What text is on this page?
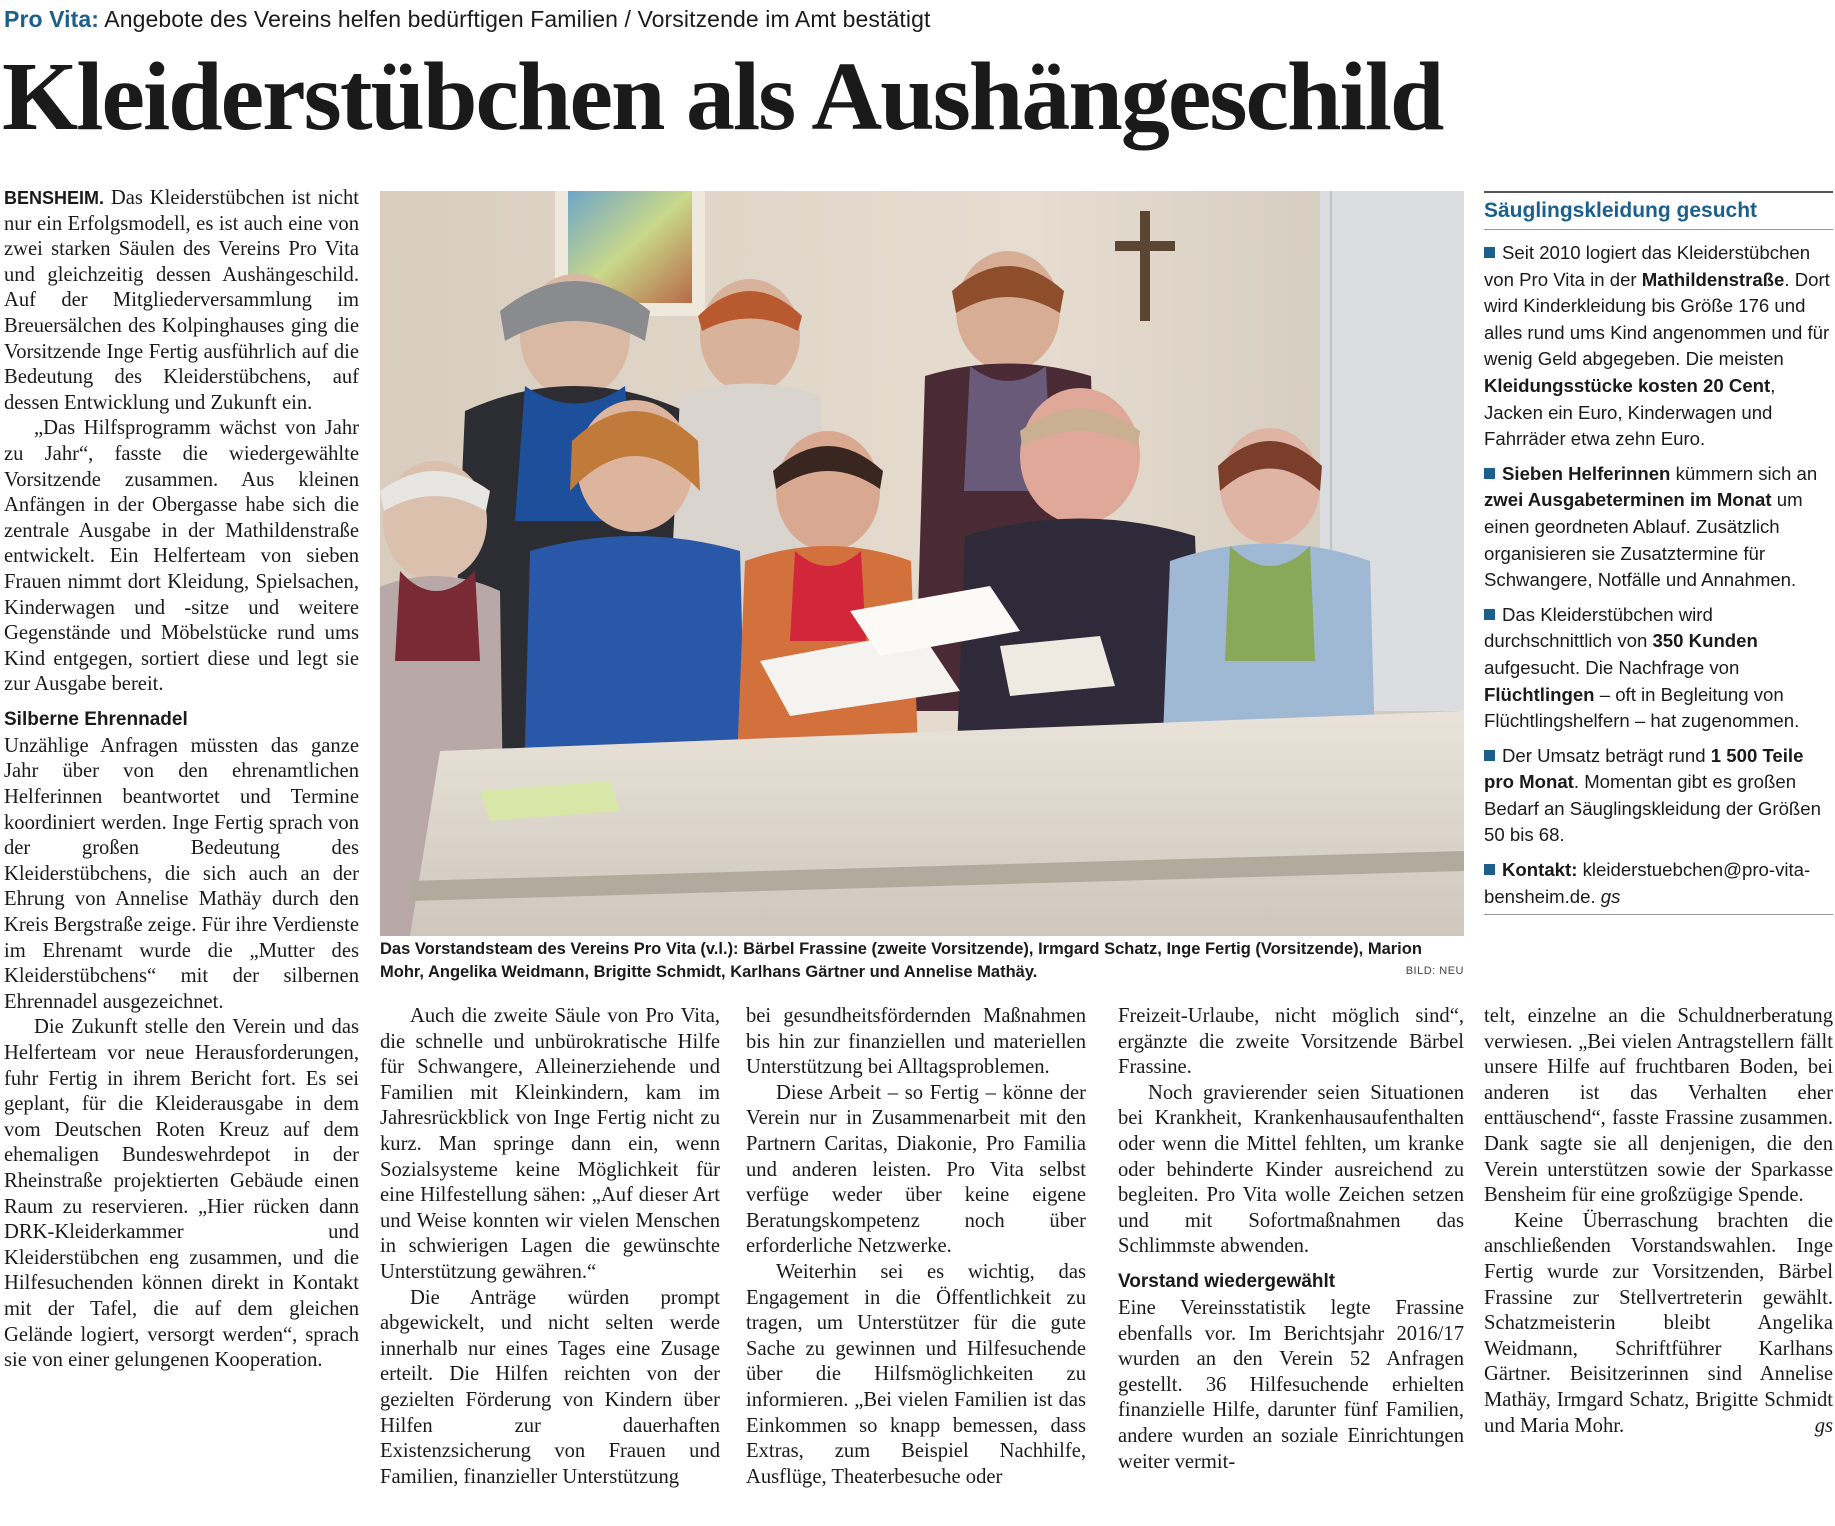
Pro Vita: Angebote des Vereins helfen bedürftigen Familien / Vorsitzende im Amt bestätigt
Kleiderstübchen als Aushängeschild

BENSHEIM. Das Kleiderstübchen ist nicht nur ein Erfolgsmodell, es ist auch eine von zwei starken Säulen des Vereins Pro Vita und gleichzeitig dessen Aushängeschild. Auf der Mitgliederversammlung im Breuersälchen des Kolpinghauses ging die Vorsitzende Inge Fertig ausführlich auf die Bedeutung des Kleiderstübchens, auf dessen Entwicklung und Zukunft ein.

„Das Hilfsprogramm wächst von Jahr zu Jahr“, fasste die wiedergewählte Vorsitzende zusammen. Aus kleinen Anfängen in der Obergasse habe sich die zentrale Ausgabe in der Mathildenstraße entwickelt. Ein Helferteam von sieben Frauen nimmt dort Kleidung, Spielsachen, Kinderwagen und -sitze und weitere Gegenstände und Möbelstücke rund ums Kind entgegen, sortiert diese und legt sie zur Ausgabe bereit.

Silberne Ehrennadel

Unzählige Anfragen müssten das ganze Jahr über von den ehrenamtlichen Helferinnen beantwortet und Termine koordiniert werden. Inge Fertig sprach von der großen Bedeutung des Kleiderstübchens, die sich auch an der Ehrung von Annelise Mathäy durch den Kreis Bergstraße zeige. Für ihre Verdienste im Ehrenamt wurde die „Mutter des Kleiderstübchens“ mit der silbernen Ehrennadel ausgezeichnet.

Die Zukunft stelle den Verein und das Helferteam vor neue Herausforderungen, fuhr Fertig in ihrem Bericht fort. Es sei geplant, für die Kleiderausgabe in dem vom Deutschen Roten Kreuz auf dem ehemaligen Bundeswehrdepot in der Rheinstraße projektierten Gebäude einen Raum zu reservieren. „Hier rücken dann DRK-Kleiderkammer und Kleiderstübchen eng zusammen, und die Hilfesuchenden können direkt in Kontakt mit der Tafel, die auf dem gleichen Gelände logiert, versorgt werden“, sprach sie von einer gelungenen Kooperation.

Das Vorstandsteam des Vereins Pro Vita (v.l.): Bärbel Frassine (zweite Vorsitzende), Irmgard Schatz, Inge Fertig (Vorsitzende), Marion Mohr, Angelika Weidmann, Brigitte Schmidt, Karlhans Gärtner und Annelise Mathäy.	BILD: NEU
Säuglingskleidung gesucht
Seit 2010 logiert das Kleiderstübchen von Pro Vita in der Mathildenstraße. Dort wird Kinderkleidung bis Größe 176 und alles rund ums Kind angenommen und für wenig Geld abgegeben. Die meisten Kleidungsstücke kosten 20 Cent, Jacken ein Euro, Kinderwagen und Fahrräder etwa zehn Euro.
Sieben Helferinnen kümmern sich an zwei Ausgabeterminen im Monat um einen geordneten Ablauf. Zusätzlich organisieren sie Zusatztermine für Schwangere, Notfälle und Annahmen.
Das Kleiderstübchen wird durchschnittlich von 350 Kunden aufgesucht. Die Nachfrage von Flüchtlingen – oft in Begleitung von Flüchtlingshelfern – hat zugenommen.
Der Umsatz beträgt rund 1 500 Teile pro Monat. Momentan gibt es großen Bedarf an Säuglingskleidung der Größen 50 bis 68.
Kontakt: kleiderstuebchen@pro-vita-bensheim.de. gs

Auch die zweite Säule von Pro Vita, die schnelle und unbürokratische Hilfe für Schwangere, Alleinerziehende und Familien mit Kleinkindern, kam im Jahresrückblick von Inge Fertig nicht zu kurz. Man springe dann ein, wenn Sozialsysteme keine Möglichkeit für eine Hilfestellung sähen: „Auf dieser Art und Weise konnten wir vielen Menschen in schwierigen Lagen die gewünschte Unterstützung gewähren.“

Die Anträge würden prompt abgewickelt, und nicht selten werde innerhalb nur eines Tages eine Zusage erteilt. Die Hilfen reichten von der gezielten Förderung von Kindern über Hilfen zur dauerhaften Existenzsicherung von Frauen und Familien, finanzieller Unterstützung

bei gesundheitsfördernden Maßnahmen bis hin zur finanziellen und materiellen Unterstützung bei Alltagsproblemen.

Diese Arbeit – so Fertig – könne der Verein nur in Zusammenarbeit mit den Partnern Caritas, Diakonie, Pro Familia und anderen leisten. Pro Vita selbst verfüge weder über keine eigene Beratungskompetenz noch über erforderliche Netzwerke.

Weiterhin sei es wichtig, das Engagement in die Öffentlichkeit zu tragen, um Unterstützer für die gute Sache zu gewinnen und Hilfesuchende über die Hilfsmöglichkeiten zu informieren. „Bei vielen Familien ist das Einkommen so knapp bemessen, dass Extras, zum Beispiel Nachhilfe, Ausflüge, Theaterbesuche oder

Freizeit-Urlaube, nicht möglich sind“, ergänzte die zweite Vorsitzende Bärbel Frassine.

Noch gravierender seien Situationen bei Krankheit, Krankenhausaufenthalten oder wenn die Mittel fehlten, um kranke oder behinderte Kinder ausreichend zu begleiten. Pro Vita wolle Zeichen setzen und mit Sofortmaßnahmen das Schlimmste abwenden.

Vorstand wiedergewählt

Eine Vereinsstatistik legte Frassine ebenfalls vor. Im Berichtsjahr 2016/17 wurden an den Verein 52 Anfragen gestellt. 36 Hilfesuchende erhielten finanzielle Hilfe, darunter fünf Familien, andere wurden an soziale Einrichtungen weiter vermit-

telt, einzelne an die Schuldnerberatung verwiesen. „Bei vielen Antragstellern fällt unsere Hilfe auf fruchtbaren Boden, bei anderen ist das Verhalten eher enttäuschend“, fasste Frassine zusammen. Dank sagte sie all denjenigen, die den Verein unterstützen sowie der Sparkasse Bensheim für eine großzügige Spende.

Keine Überraschung brachten die anschließenden Vorstandswahlen. Inge Fertig wurde zur Vorsitzenden, Bärbel Frassine zur Stellvertreterin gewählt. Schatzmeisterin bleibt Angelika Weidmann, Schriftführer Karlhans Gärtner. Beisitzerinnen sind Annelise Mathäy, Irmgard Schatz, Brigitte Schmidt und Maria Mohr.	gs
